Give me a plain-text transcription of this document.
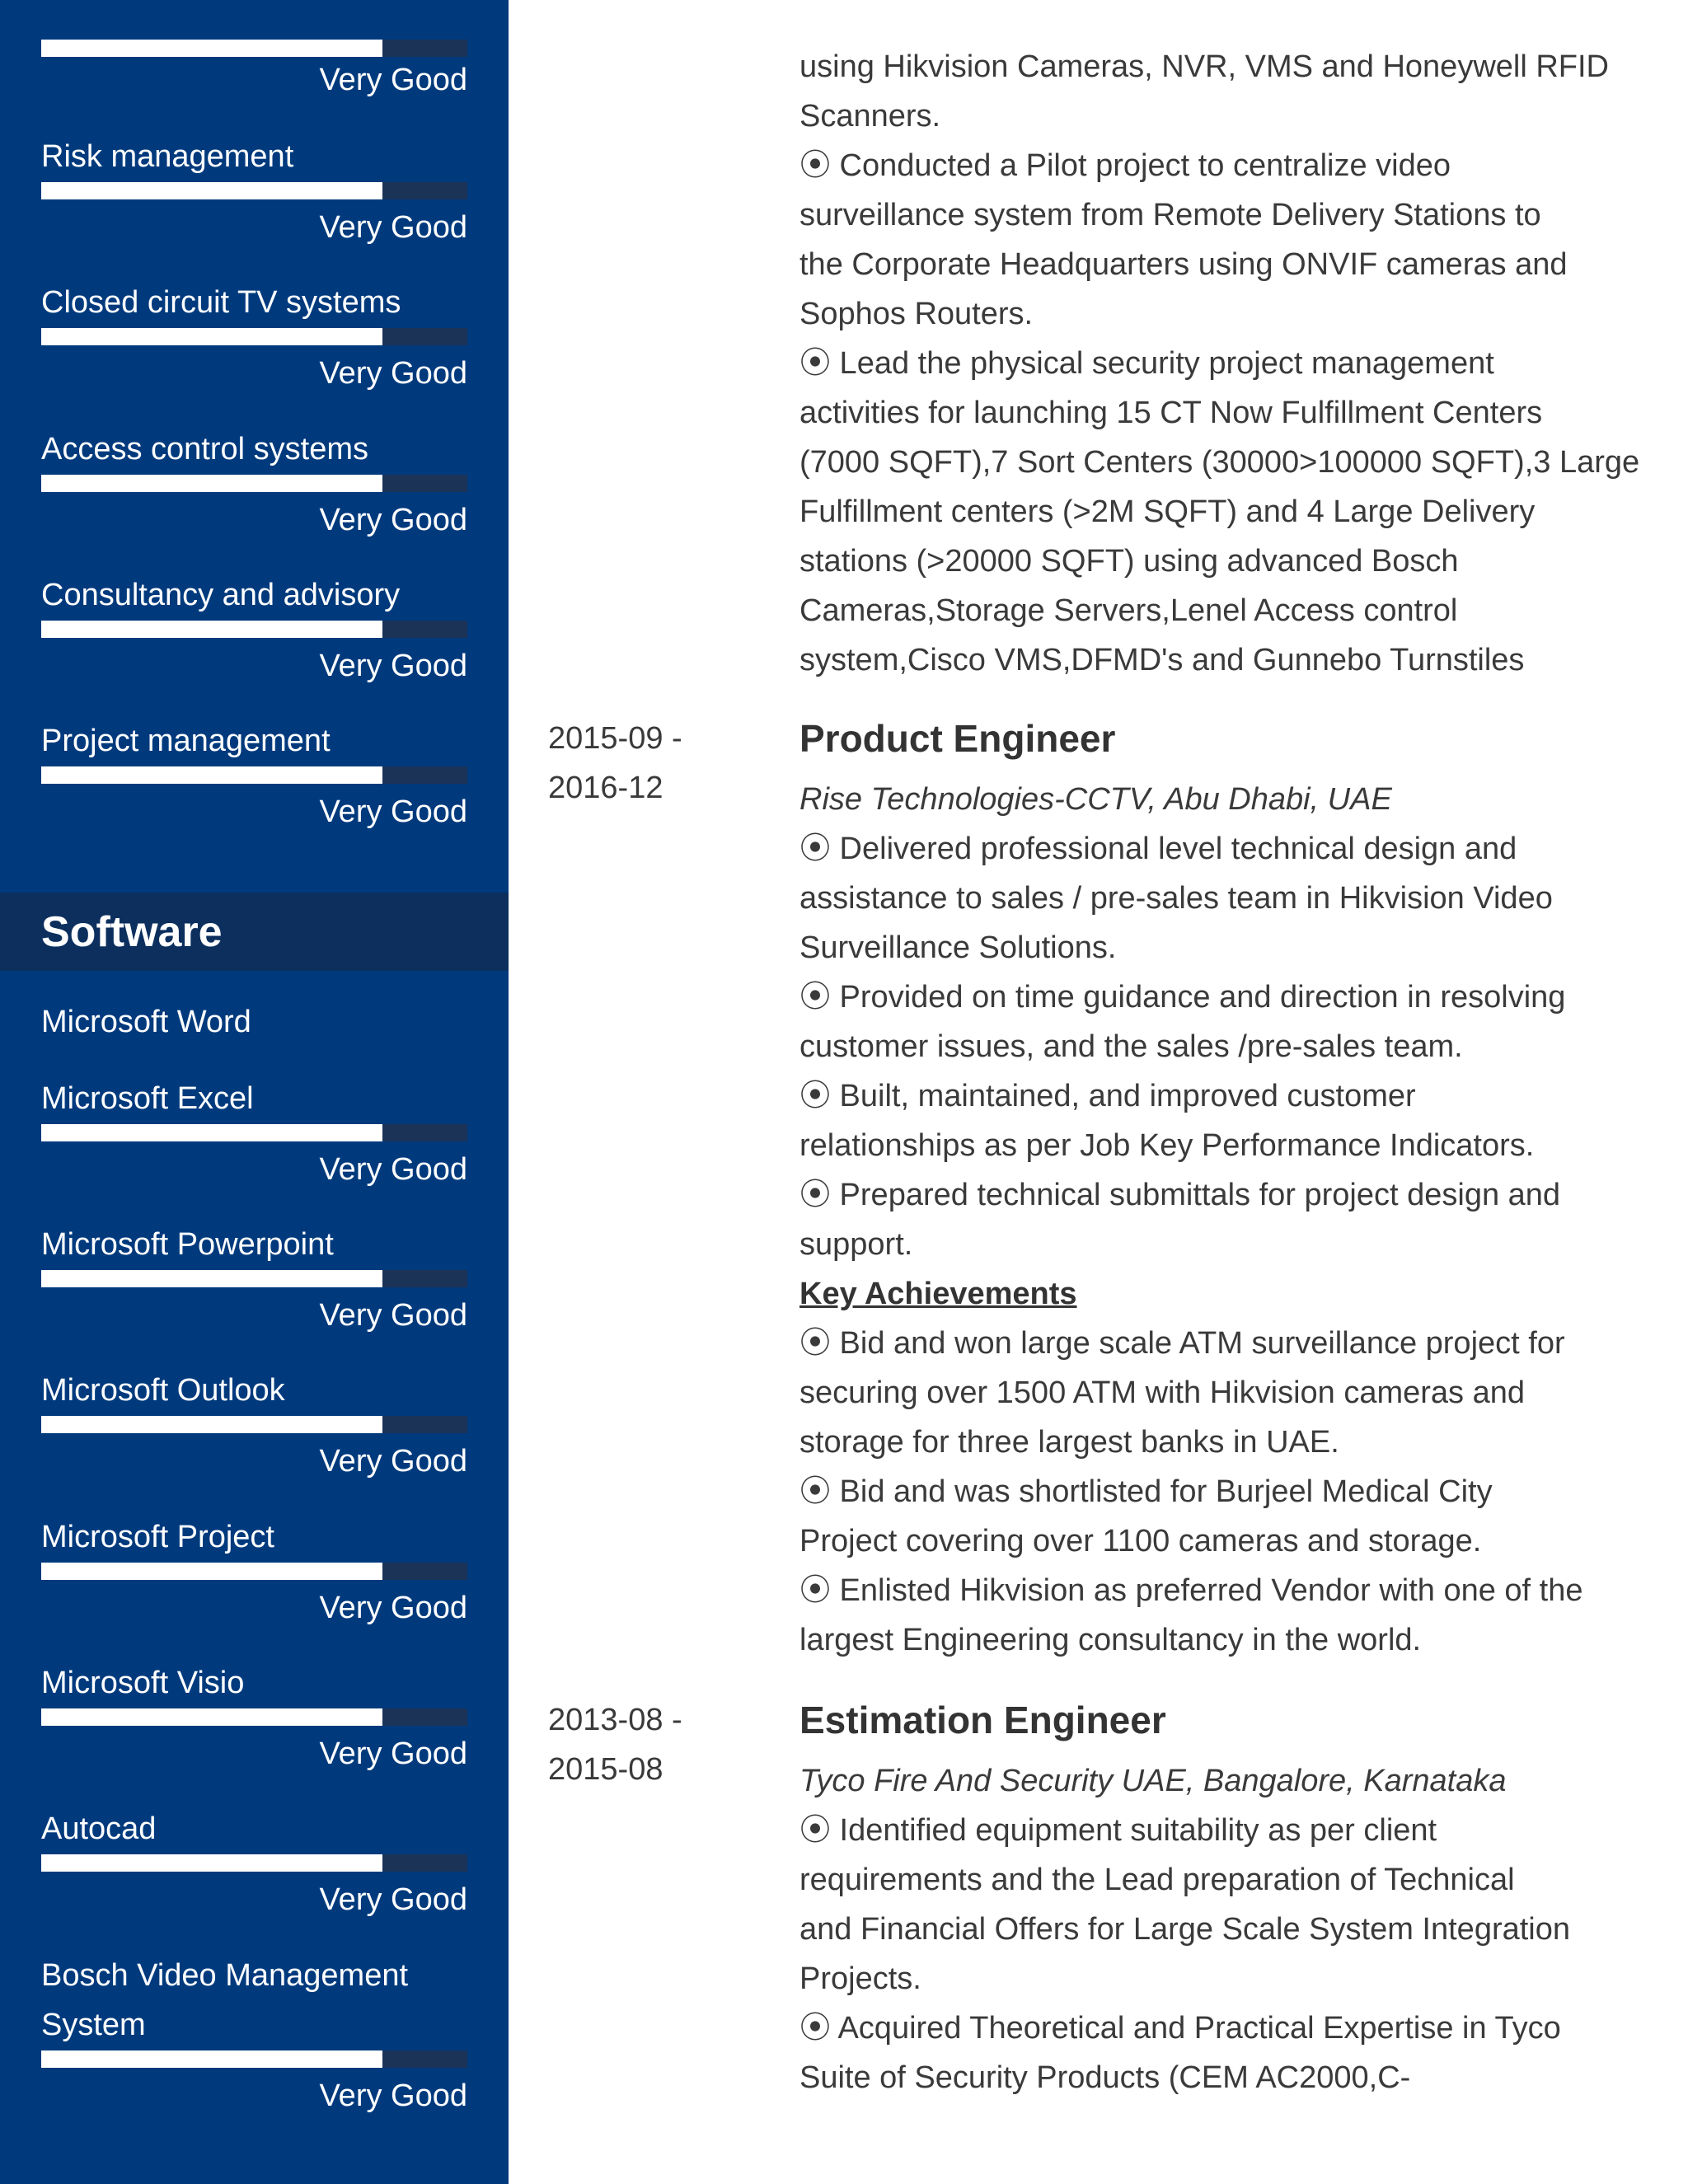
Very Good
Risk management
Very Good
Closed circuit TV systems
Very Good
Access control systems
Very Good
Consultancy and advisory
Very Good
Project management
Very Good
Software
Microsoft Word
Microsoft Excel
Very Good
Microsoft Powerpoint
Very Good
Microsoft Outlook
Very Good
Microsoft Project
Very Good
Microsoft Visio
Very Good
Autocad
Very Good
Bosch Video Management
System
Very Good
using Hikvision Cameras, NVR, VMS and Honeywell RFID
Scanners.
⦿ Conducted a Pilot project to centralize video
surveillance system from Remote Delivery Stations to
the Corporate Headquarters using ONVIF cameras and
Sophos Routers.
⦿ Lead the physical security project management
activities for launching 15 CT Now Fulfillment Centers
(7000 SQFT),7 Sort Centers (30000>100000 SQFT),3 Large
Fulfillment centers (>2M SQFT) and 4 Large Delivery
stations (>20000 SQFT) using advanced Bosch
Cameras,Storage Servers,Lenel Access control
system,Cisco VMS,DFMD's and Gunnebo Turnstiles
2015-09 -
2016-12
Product Engineer
Rise Technologies-CCTV, Abu Dhabi, UAE
⦿ Delivered professional level technical design and
assistance to sales / pre-sales team in Hikvision Video
Surveillance Solutions.
⦿ Provided on time guidance and direction in resolving
customer issues, and the sales /pre-sales team.
⦿ Built, maintained, and improved customer
relationships as per Job Key Performance Indicators.
⦿ Prepared technical submittals for project design and
support.
Key Achievements
⦿ Bid and won large scale ATM surveillance project for
securing over 1500 ATM with Hikvision cameras and
storage for three largest banks in UAE.
⦿ Bid and was shortlisted for Burjeel Medical City
Project covering over 1100 cameras and storage.
⦿ Enlisted Hikvision as preferred Vendor with one of the
largest Engineering consultancy in the world.
2013-08 -
2015-08
Estimation Engineer
Tyco Fire And Security UAE, Bangalore, Karnataka
⦿ Identified equipment suitability as per client
requirements and the Lead preparation of Technical
and Financial Offers for Large Scale System Integration
Projects.
⦿ Acquired Theoretical and Practical Expertise in Tyco
Suite of Security Products (CEM AC2000,C-
